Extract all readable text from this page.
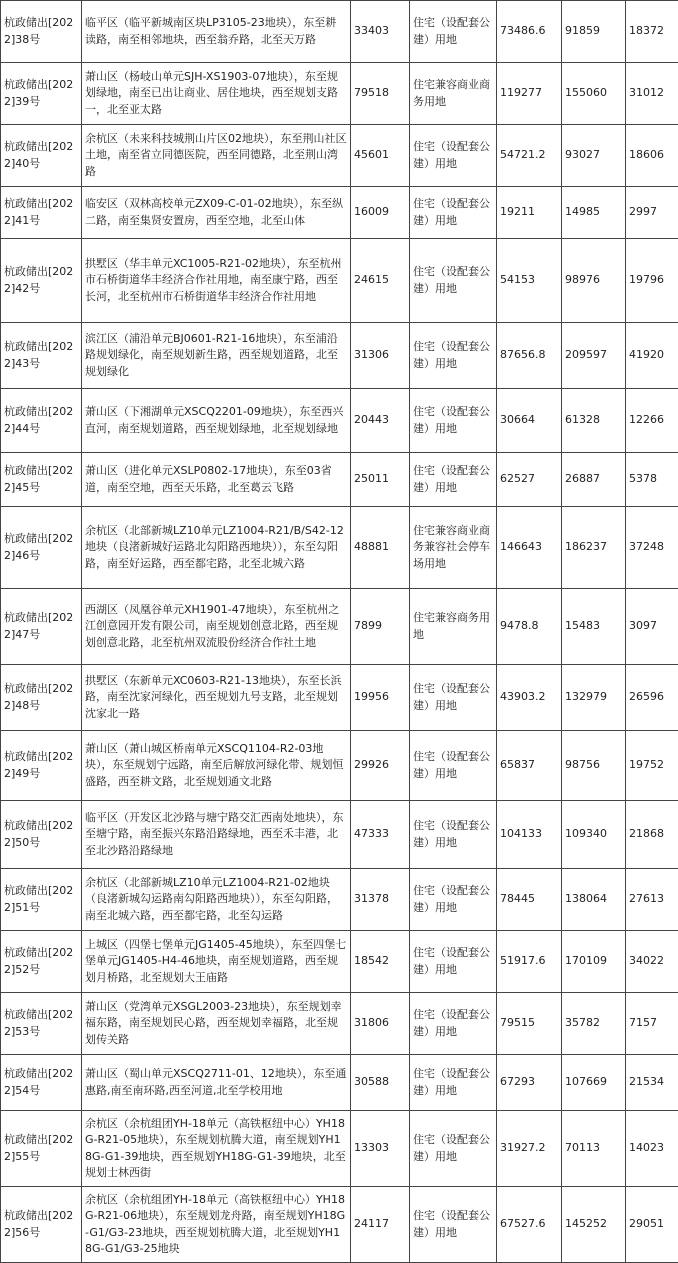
杭政储出[2022]38号	临平区（临平新城南区块LP3105-23地块），东至耕读路，南至相邻地块，西至翁乔路，北至天万路	33403	住宅（设配套公建）用地	73486.6	91859	18372
杭政储出[2022]39号	萧山区（杨岐山单元SJH-XS1903-07地块），东至规划绿地，南至已出让商业、居住地块，西至规划支路一，北至亚太路	79518	住宅兼容商业商务用地	119277	155060	31012
杭政储出[2022]40号	余杭区（未来科技城荆山片区02地块），东至荆山社区土地，南至省立同德医院，西至同德路，北至荆山湾路	45601	住宅（设配套公建）用地	54721.2	93027	18606
杭政储出[2022]41号	临安区（双林高校单元ZX09-C-01-02地块），东至纵二路，南至集贤安置房，西至空地，北至山体	16009	住宅（设配套公建）用地	19211	14985	2997
杭政储出[2022]42号	拱墅区（华丰单元XC1005-R21-02地块），东至杭州市石桥街道华丰经济合作社用地，南至康宁路，西至长河，北至杭州市石桥街道华丰经济合作社用地	24615	住宅（设配套公建）用地	54153	98976	19796
杭政储出[2022]43号	滨江区（浦沿单元BJ0601-R21-16地块），东至浦沿路规划绿化，南至规划新生路，西至规划道路，北至规划绿化	31306	住宅（设配套公建）用地	87656.8	209597	41920
杭政储出[2022]44号	萧山区（下湘湖单元XSCQ2201-09地块），东至西兴直河，南至规划道路，西至规划绿地，北至规划绿地	20443	住宅（设配套公建）用地	30664	61328	12266
杭政储出[2022]45号	萧山区（进化单元XSLP0802-17地块），东至03省道，南至空地，西至天乐路，北至葛云飞路	25011	住宅（设配套公建）用地	62527	26887	5378
杭政储出[2022]46号	余杭区（北部新城LZ10单元LZ1004-R21/B/S42-12地块（良渚新城好运路北勾阳路西地块）），东至勾阳路，南至好运路，西至都宅路，北至北城六路	48881	住宅兼容商业商务兼容社会停车场用地	146643	186237	37248
杭政储出[2022]47号	西湖区（凤凰谷单元XH1901-47地块），东至杭州之江创意园开发有限公司，南至规划创意北路，西至规划创意北路，北至杭州双流股份经济合作社土地	7899	住宅兼容商务用地	9478.8	15483	3097
杭政储出[2022]48号	拱墅区（东新单元XC0603-R21-13地块），东至长浜路，南至沈家河绿化，西至规划九号支路，北至规划沈家北一路	19956	住宅（设配套公建）用地	43903.2	132979	26596
杭政储出[2022]49号	萧山区（萧山城区桥南单元XSCQ1104-R2-03地块），东至规划宁远路，南至后解放河绿化带、规划恒盛路，西至耕文路，北至规划通文北路	29926	住宅（设配套公建）用地	65837	98756	19752
杭政储出[2022]50号	临平区（开发区北沙路与塘宁路交汇西南处地块），东至塘宁路，南至振兴东路沿路绿地，西至禾丰港，北至北沙路沿路绿地	47333	住宅（设配套公建）用地	104133	109340	21868
杭政储出[2022]51号	余杭区（北部新城LZ10单元LZ1004-R21-02地块（良渚新城勾运路南勾阳路西地块）），东至勾阳路，南至北城六路，西至都宅路，北至勾运路	31378	住宅（设配套公建）用地	78445	138064	27613
杭政储出[2022]52号	上城区（四堡七堡单元JG1405-45地块），东至四堡七堡单元JG1405-H4-46地块，南至规划道路，西至规划月桥路，北至规划大王庙路	18542	住宅（设配套公建）用地	51917.6	170109	34022
杭政储出[2022]53号	萧山区（党湾单元XSGL2003-23地块），东至规划幸福东路，南至规划民心路，西至规划幸福路，北至规划传关路	31806	住宅（设配套公建）用地	79515	35782	7157
杭政储出[2022]54号	萧山区（蜀山单元XSCQ2711-01、12地块），东至通惠路,南至南环路,西至河道,北至学校用地	30588	住宅（设配套公建）用地	67293	107669	21534
杭政储出[2022]55号	余杭区（余杭组团YH-18单元（高铁枢纽中心）YH18G-R21-05地块），东至规划杭腾大道，南至规划YH18G-G1-39地块，西至规划YH18G-G1-39地块，北至规划士林西街	13303	住宅（设配套公建）用地	31927.2	70113	14023
杭政储出[2022]56号	余杭区（余杭组团YH-18单元（高铁枢纽中心）YH18G-R21-06地块），东至规划龙舟路，南至规划YH18G-G1/G3-23地块，西至规划杭腾大道，北至规划YH18G-G1/G3-25地块	24117	住宅（设配套公建）用地	67527.6	145252	29051
